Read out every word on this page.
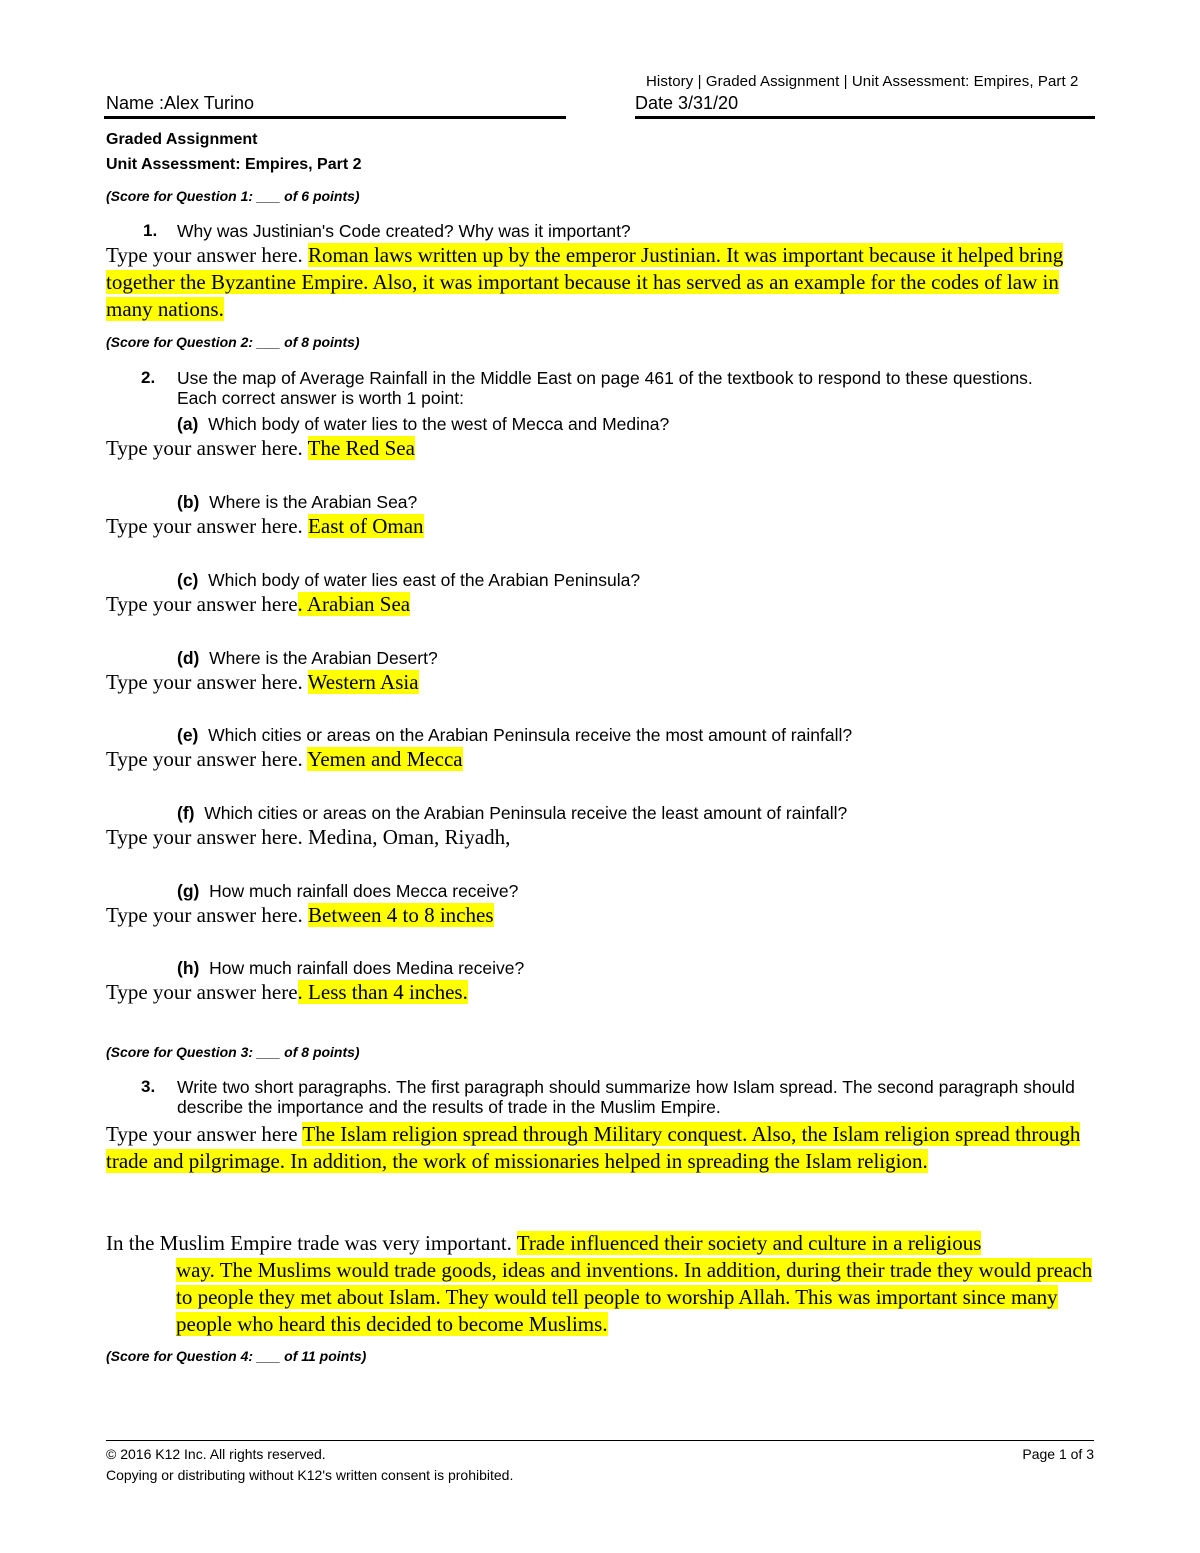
History | Graded Assignment | Unit Assessment: Empires, Part 2
Name :Alex Turino	Date 3/31/20
Graded Assignment
Unit Assessment: Empires, Part 2
(Score for Question 1: ___ of 6 points)
1. Why was Justinian's Code created? Why was it important?
Type your answer here. Roman laws written up by the emperor Justinian. It was important because it helped bring together the Byzantine Empire. Also, it was important because it has served as an example for the codes of law in many nations.
(Score for Question 2: ___ of 8 points)
2. Use the map of Average Rainfall in the Middle East on page 461 of the textbook to respond to these questions. Each correct answer is worth 1 point:
(a) Which body of water lies to the west of Mecca and Medina?
Type your answer here. The Red Sea
(b) Where is the Arabian Sea?
Type your answer here. East of Oman
(c) Which body of water lies east of the Arabian Peninsula?
Type your answer here. Arabian Sea
(d) Where is the Arabian Desert?
Type your answer here. Western Asia
(e) Which cities or areas on the Arabian Peninsula receive the most amount of rainfall?
Type your answer here. Yemen and Mecca
(f) Which cities or areas on the Arabian Peninsula receive the least amount of rainfall?
Type your answer here. Medina, Oman, Riyadh,
(g) How much rainfall does Mecca receive?
Type your answer here. Between 4 to 8 inches
(h) How much rainfall does Medina receive?
Type your answer here. Less than 4 inches.
(Score for Question 3: ___ of 8 points)
3. Write two short paragraphs. The first paragraph should summarize how Islam spread. The second paragraph should describe the importance and the results of trade in the Muslim Empire.
Type your answer here The Islam religion spread through Military conquest. Also, the Islam religion spread through trade and pilgrimage. In addition, the work of missionaries helped in spreading the Islam religion.
In the Muslim Empire trade was very important. Trade influenced their society and culture in a religious
way. The Muslims would trade goods, ideas and inventions. In addition, during their trade they would preach to people they met about Islam. They would tell people to worship Allah. This was important since many people who heard this decided to become Muslims.
(Score for Question 4: ___ of 11 points)
© 2016 K12 Inc. All rights reserved.
Copying or distributing without K12's written consent is prohibited.
Page 1 of 3
